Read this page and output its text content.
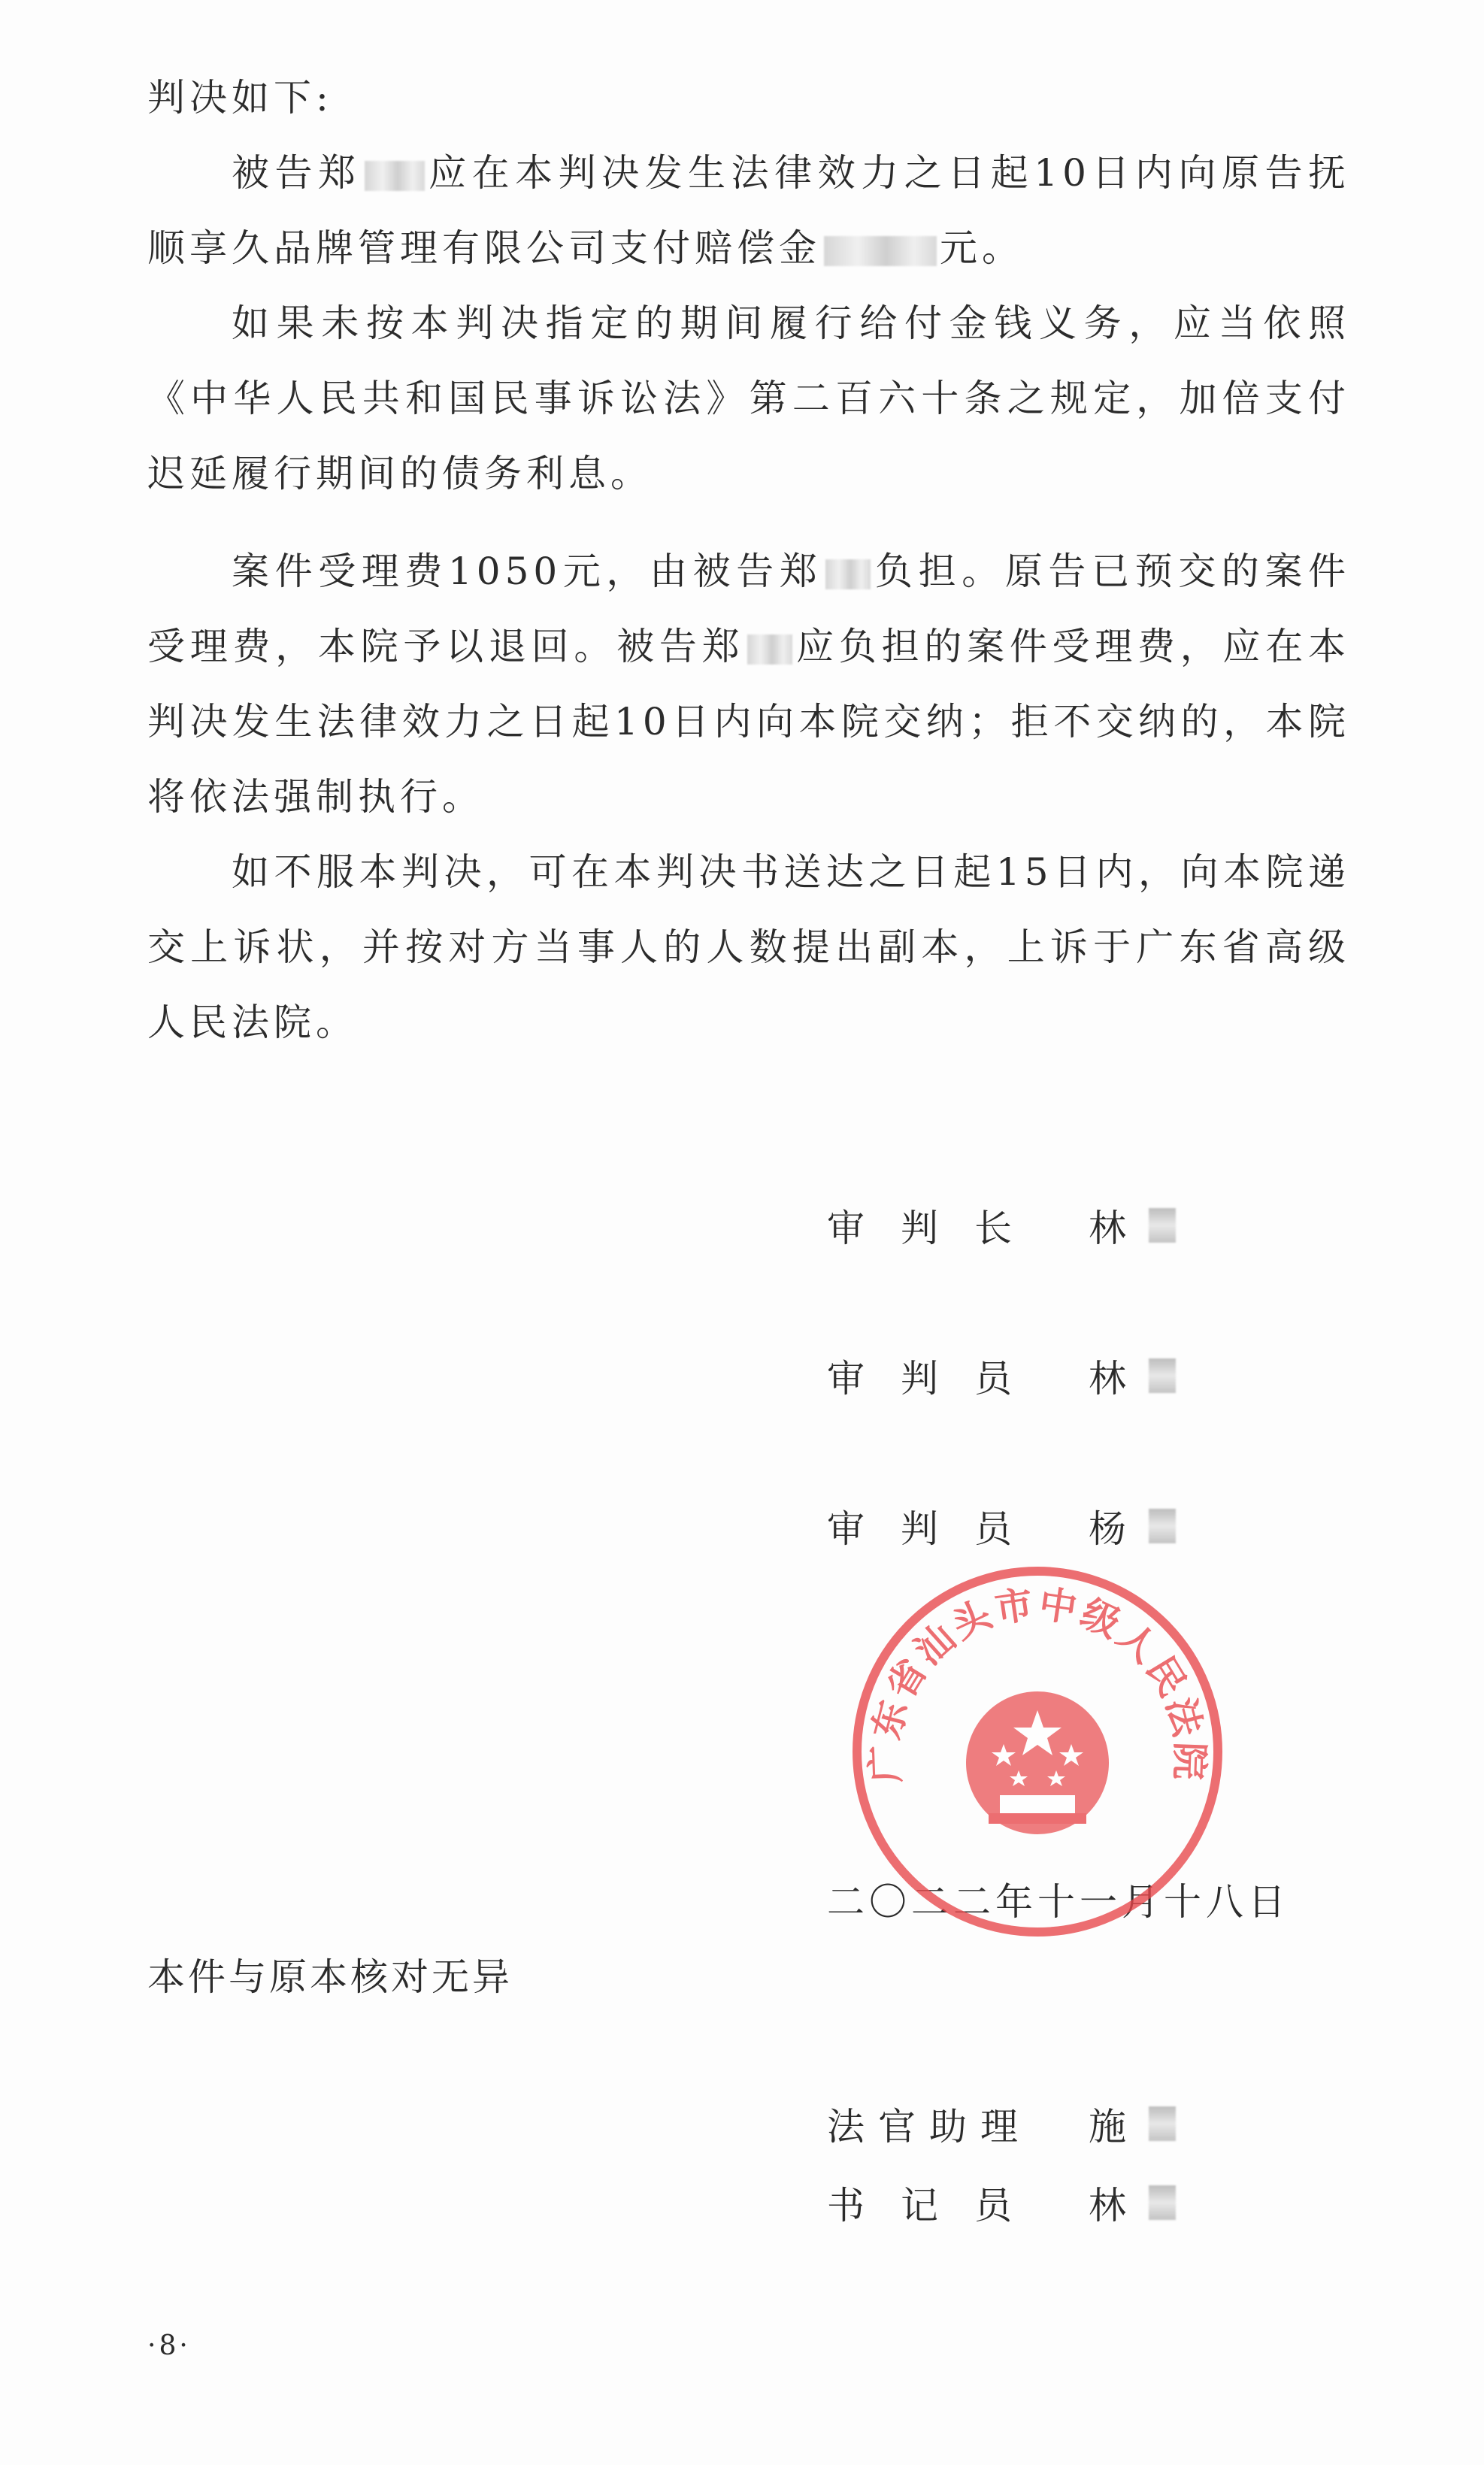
判决如下:

被告郑 应在本判决发生法律效力之日起10日内向原告抚顺享久品牌管理有限公司支付赔偿金	元。

如果未按本判决指定的期间履行给付金钱义务，应当依照《中华人民共和国民事诉讼法》第二百六十条之规定，加倍支付迟延履行期间的债务利息。

案件受理费1050元，由被告郑 负担。原告已预交的案件受理费，本院予以退回。被告郑 应负担的案件受理费，应在本判决发生法律效力之日起10日内向本院交纳；拒不交纳的，本院将依法强制执行。

如不服本判决，可在本判决书送达之日起15日内，向本院递交上诉状，并按对方当事人的人数提出副本，上诉于广东省高级人民法院。

审判长 林
审判员 林
审判员 杨
广东省汕头市中级人民法院
二〇二二年十一月十八日
本件与原本核对无异
法官助理	施
书记员 林
·8·
